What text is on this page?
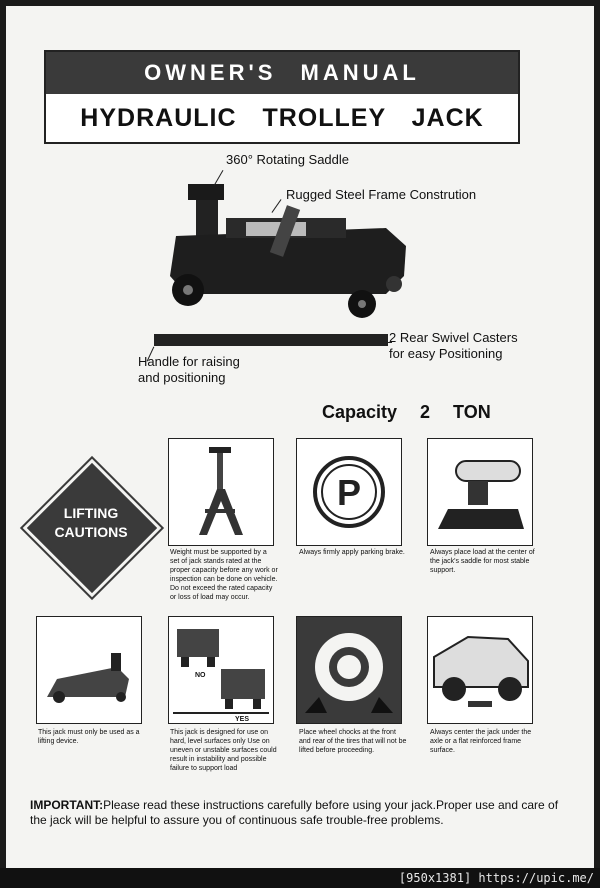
OWNER'S MANUAL
HYDRAULIC TROLLEY JACK
360° Rotating Saddle
Rugged Steel Frame Constrution
2 Rear Swivel Casters
for easy Positioning
Handle for raising
and positioning
Capacity 2 TON
LIFTING
CAUTIONS
P
Weight must be supported by a set of jack stands rated at the proper capacity before any work or inspection can be done on vehicle. Do not exceed the rated capacity or loss of load may occur.
Always firmly apply parking brake.	Always place load at the center of the jack's saddle for most stable support.
NO
YES
This jack must only be used as a lifting device.
This jack is designed for use on hard, level surfaces only Use on uneven or unstable surfaces could result in instability and possible failure to support load
Place wheel chocks at the front and rear of the tires that will not be lifted before proceeding.
Always center the jack under the axle or a flat reinforced frame surface.
IMPORTANT:Please read these instructions carefully before using your jack.Proper use and care of the jack will be helpful to assure you of continuous safe trouble-free problems.
[950x1381] https://upic.me/
